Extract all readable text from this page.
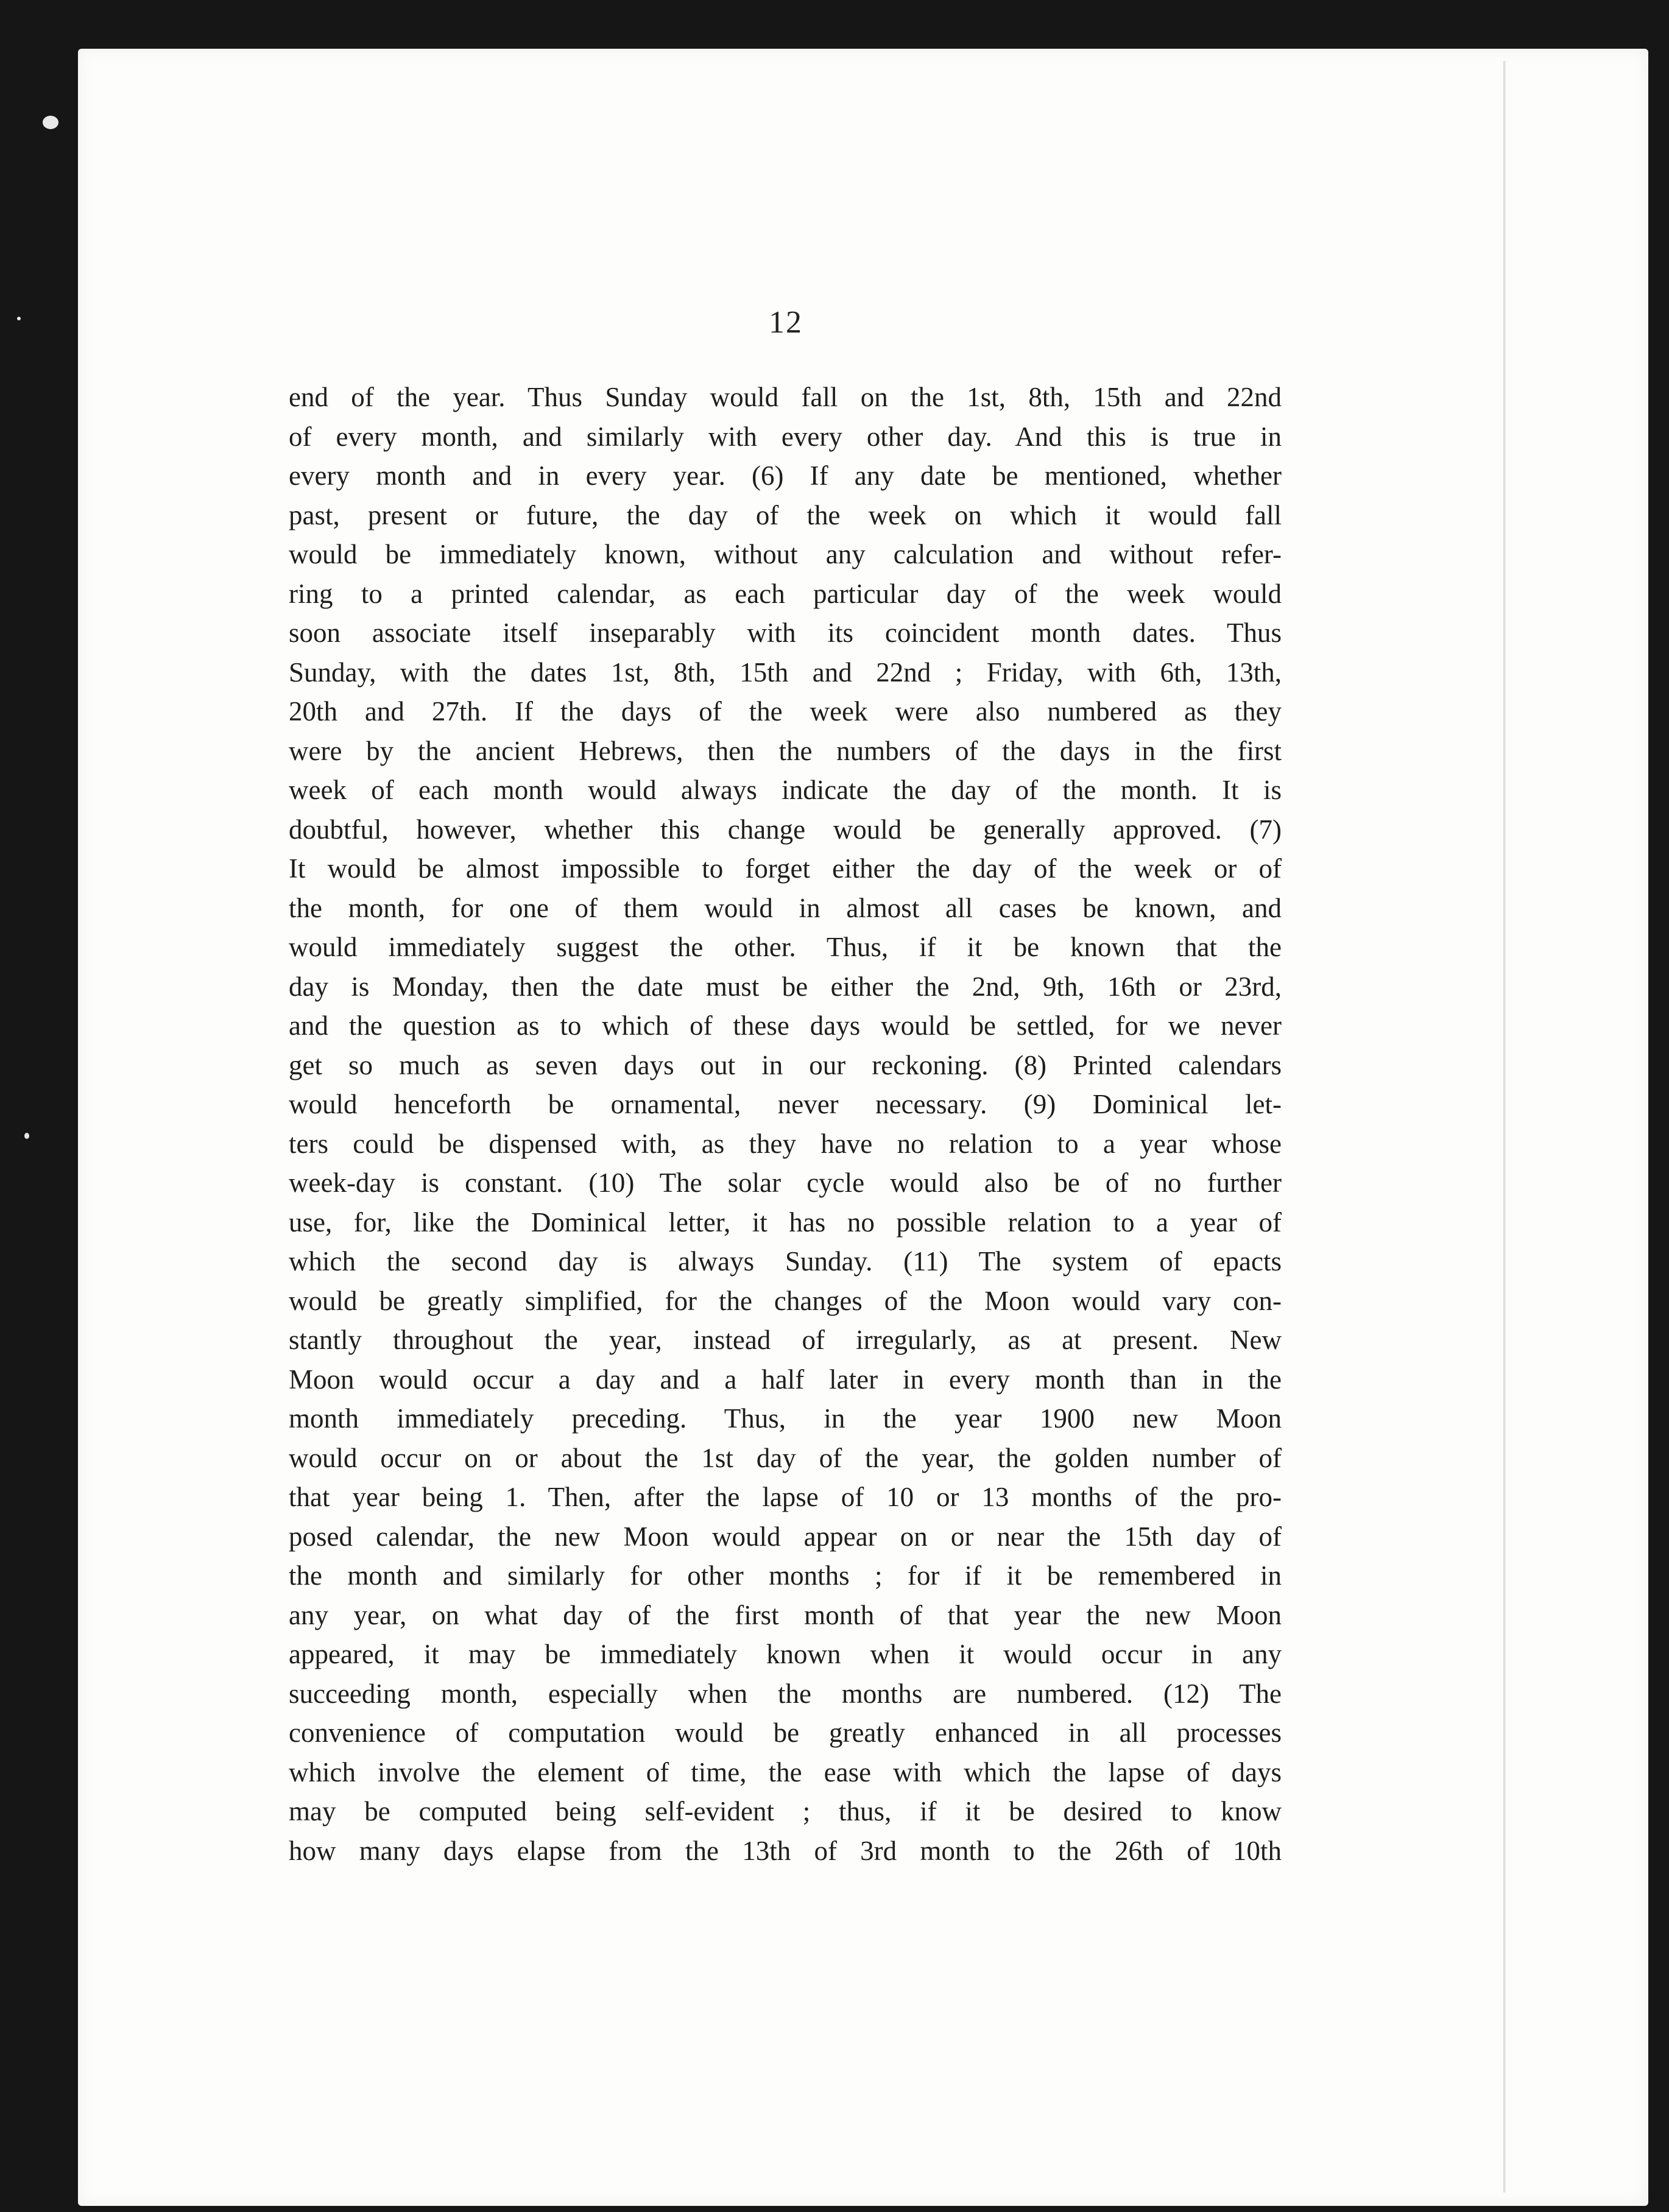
12
end of the year. Thus Sunday would fall on the 1st, 8th, 15th and 22nd
of every month, and similarly with every other day. And this is true in
every month and in every year. (6) If any date be mentioned, whether
past, present or future, the day of the week on which it would fall
would be immediately known, without any calculation and without refer-
ring to a printed calendar, as each particular day of the week would
soon associate itself inseparably with its coincident month dates. Thus
Sunday, with the dates 1st, 8th, 15th and 22nd ; Friday, with 6th, 13th,
20th and 27th. If the days of the week were also numbered as they
were by the ancient Hebrews, then the numbers of the days in the first
week of each month would always indicate the day of the month. It is
doubtful, however, whether this change would be generally approved. (7)
It would be almost impossible to forget either the day of the week or of
the month, for one of them would in almost all cases be known, and
would immediately suggest the other. Thus, if it be known that the
day is Monday, then the date must be either the 2nd, 9th, 16th or 23rd,
and the question as to which of these days would be settled, for we never
get so much as seven days out in our reckoning. (8) Printed calendars
would henceforth be ornamental, never necessary. (9) Dominical let-
ters could be dispensed with, as they have no relation to a year whose
week-day is constant. (10) The solar cycle would also be of no further
use, for, like the Dominical letter, it has no possible relation to a year of
which the second day is always Sunday. (11) The system of epacts
would be greatly simplified, for the changes of the Moon would vary con-
stantly throughout the year, instead of irregularly, as at present. New
Moon would occur a day and a half later in every month than in the
month immediately preceding. Thus, in the year 1900 new Moon
would occur on or about the 1st day of the year, the golden number of
that year being 1. Then, after the lapse of 10 or 13 months of the pro-
posed calendar, the new Moon would appear on or near the 15th day of
the month and similarly for other months ; for if it be remembered in
any year, on what day of the first month of that year the new Moon
appeared, it may be immediately known when it would occur in any
succeeding month, especially when the months are numbered. (12) The
convenience of computation would be greatly enhanced in all processes
which involve the element of time, the ease with which the lapse of days
may be computed being self-evident ; thus, if it be desired to know
how many days elapse from the 13th of 3rd month to the 26th of 10th
